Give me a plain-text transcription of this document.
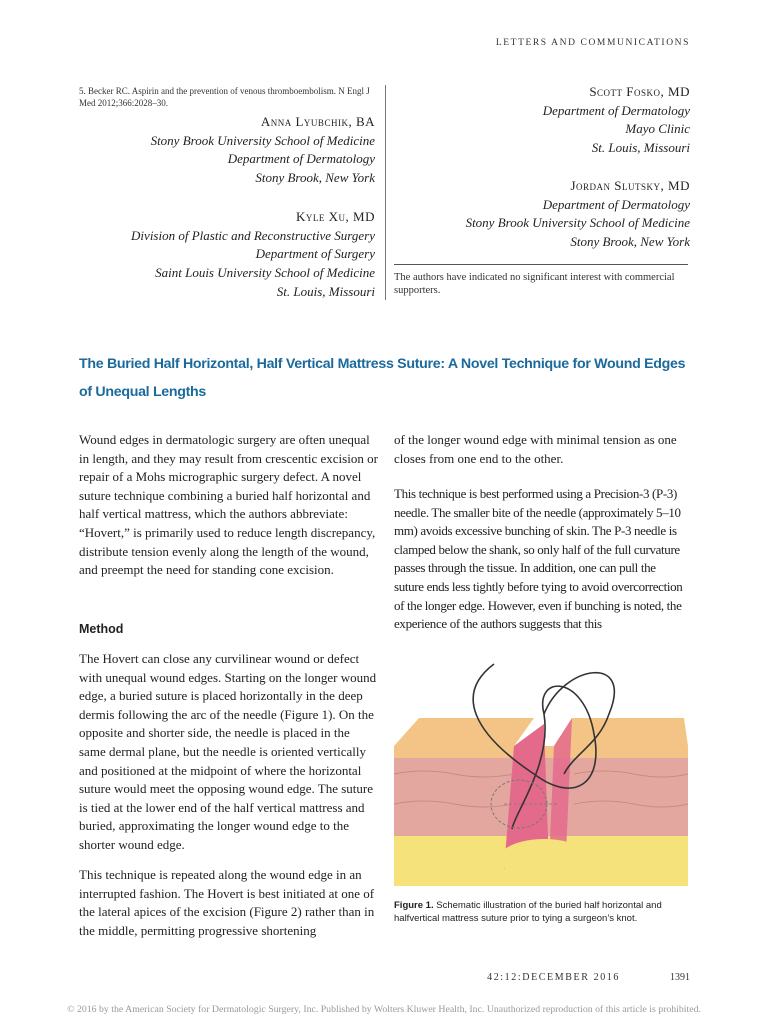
LETTERS AND COMMUNICATIONS
5. Becker RC. Aspirin and the prevention of venous thromboembolism. N Engl J Med 2012;366:2028–30.
Anna Lyubchik, BA
Stony Brook University School of Medicine
Department of Dermatology
Stony Brook, New York
Kyle Xu, MD
Division of Plastic and Reconstructive Surgery
Department of Surgery
Saint Louis University School of Medicine
St. Louis, Missouri
Scott Fosko, MD
Department of Dermatology
Mayo Clinic
St. Louis, Missouri
Jordan Slutsky, MD
Department of Dermatology
Stony Brook University School of Medicine
Stony Brook, New York
The authors have indicated no significant interest with commercial supporters.
The Buried Half Horizontal, Half Vertical Mattress Suture: A Novel Technique for Wound Edges of Unequal Lengths
Wound edges in dermatologic surgery are often unequal in length, and they may result from crescentic excision or repair of a Mohs micrographic surgery defect. A novel suture technique combining a buried half horizontal and half vertical mattress, which the authors abbreviate: “Hovert,” is primarily used to reduce length discrepancy, distribute tension evenly along the length of the wound, and preempt the need for standing cone excision.
Method
The Hovert can close any curvilinear wound or defect with unequal wound edges. Starting on the longer wound edge, a buried suture is placed horizontally in the deep dermis following the arc of the needle (Figure 1). On the opposite and shorter side, the needle is placed in the same dermal plane, but the needle is oriented vertically and positioned at the midpoint of where the horizontal suture would meet the opposing wound edge. The suture is tied at the lower end of the half vertical mattress and buried, approximating the longer wound edge to the shorter wound edge.
This technique is repeated along the wound edge in an interrupted fashion. The Hovert is best initiated at one of the lateral apices of the excision (Figure 2) rather than in the middle, permitting progressive shortening
of the longer wound edge with minimal tension as one closes from one end to the other.
This technique is best performed using a Precision-3 (P-3) needle. The smaller bite of the needle (approximately 5–10 mm) avoids excessive bunching of skin. The P-3 needle is clamped below the shank, so only half of the full curvature passes through the tissue. In addition, one can pull the suture ends less tightly before tying to avoid overcorrection of the longer edge. However, even if bunching is noted, the experience of the authors suggests that this
Figure 1. Schematic illustration of the buried half horizontal and halfvertical mattress suture prior to tying a surgeon’s knot.
42:12:DECEMBER 2016	1391
© 2016 by the American Society for Dermatologic Surgery, Inc. Published by Wolters Kluwer Health, Inc. Unauthorized reproduction of this article is prohibited.
